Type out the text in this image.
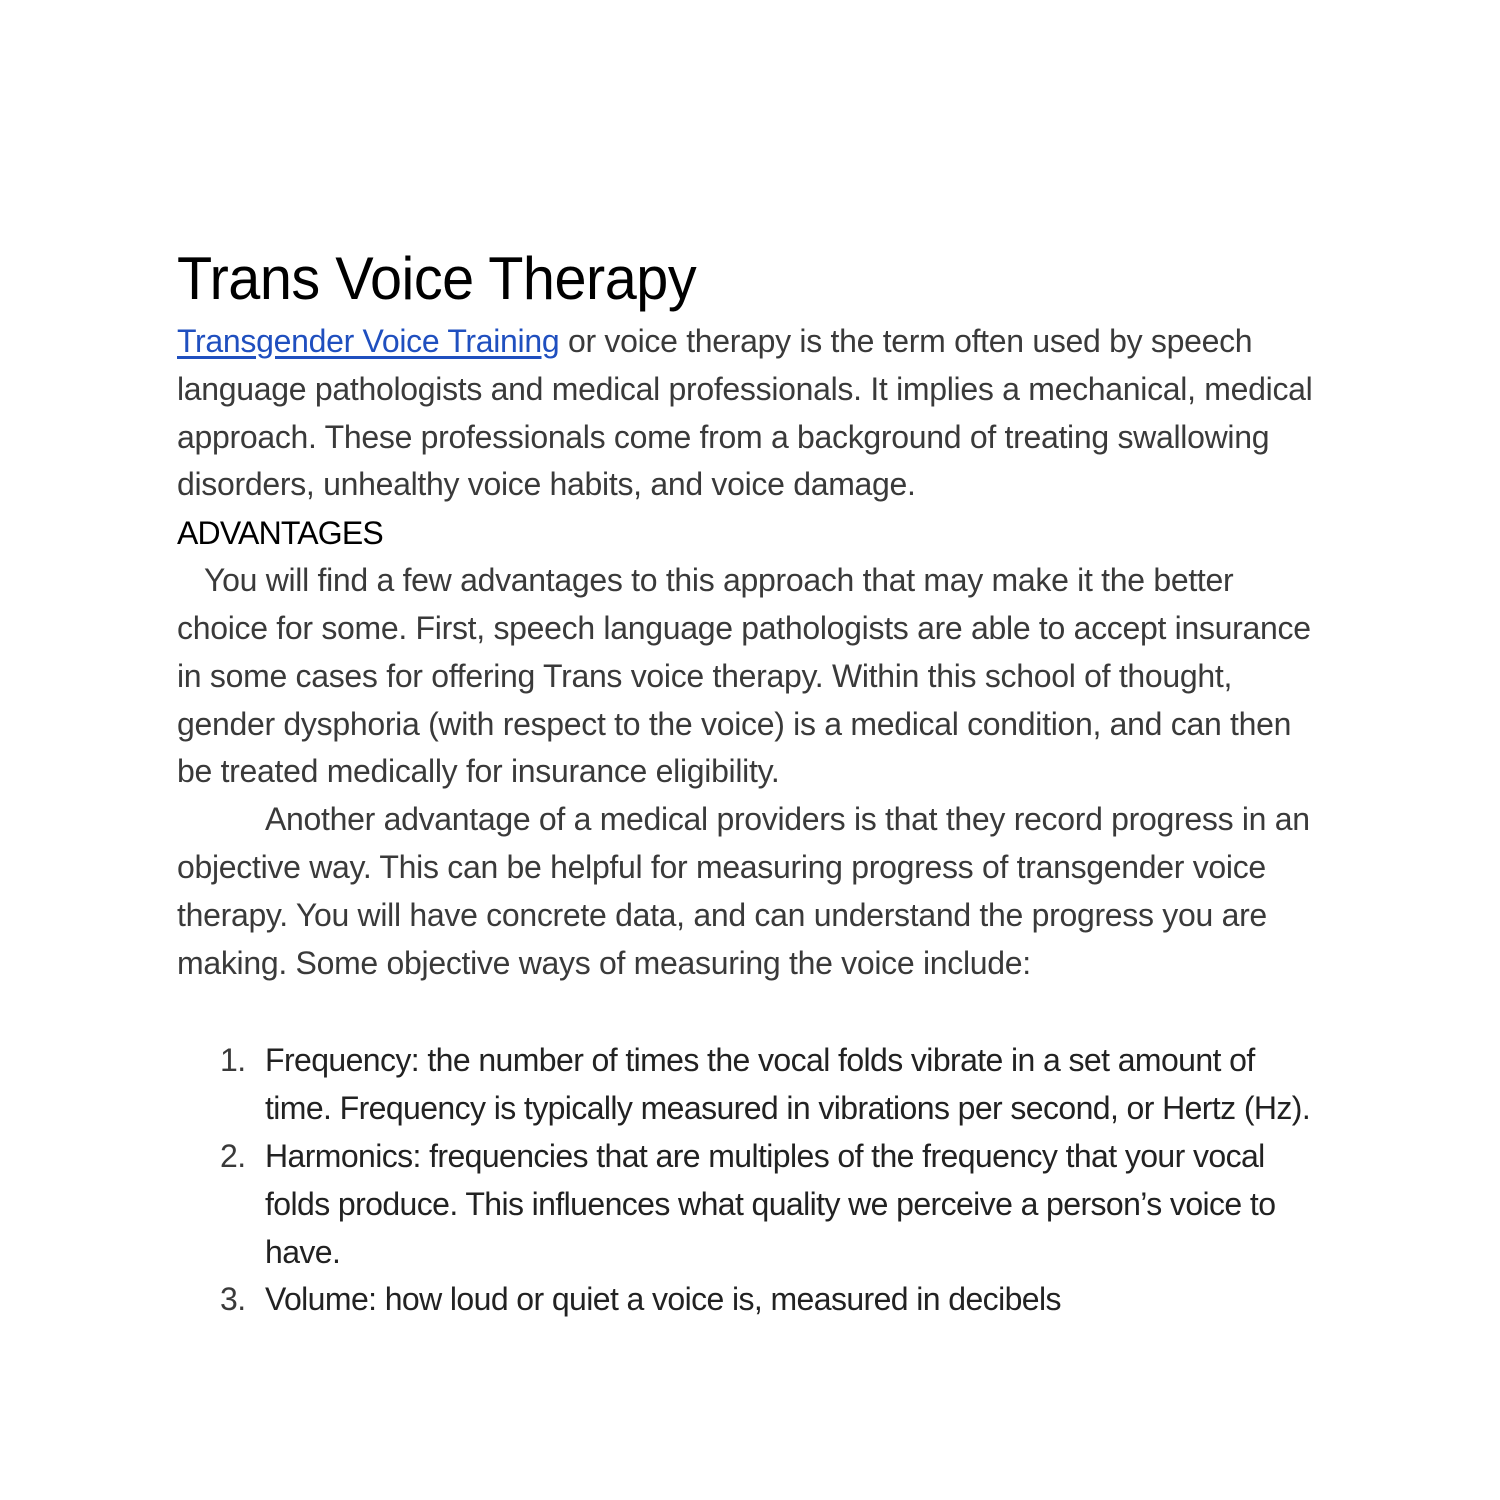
Trans Voice Therapy

Transgender Voice Training or voice therapy is the term often used by speech language pathologists and medical professionals. It implies a mechanical, medical approach. These professionals come from a background of treating swallowing disorders, unhealthy voice habits, and voice damage.

ADVANTAGES

You will find a few advantages to this approach that may make it the better choice for some. First, speech language pathologists are able to accept insurance in some cases for offering Trans voice therapy. Within this school of thought, gender dysphoria (with respect to the voice) is a medical condition, and can then be treated medically for insurance eligibility.

Another advantage of a medical providers is that they record progress in an objective way. This can be helpful for measuring progress of transgender voice therapy. You will have concrete data, and can understand the progress you are making. Some objective ways of measuring the voice include:

1. Frequency: the number of times the vocal folds vibrate in a set amount of time. Frequency is typically measured in vibrations per second, or Hertz (Hz).
2. Harmonics: frequencies that are multiples of the frequency that your vocal folds produce. This influences what quality we perceive a person’s voice to have.
3. Volume: how loud or quiet a voice is, measured in decibels
